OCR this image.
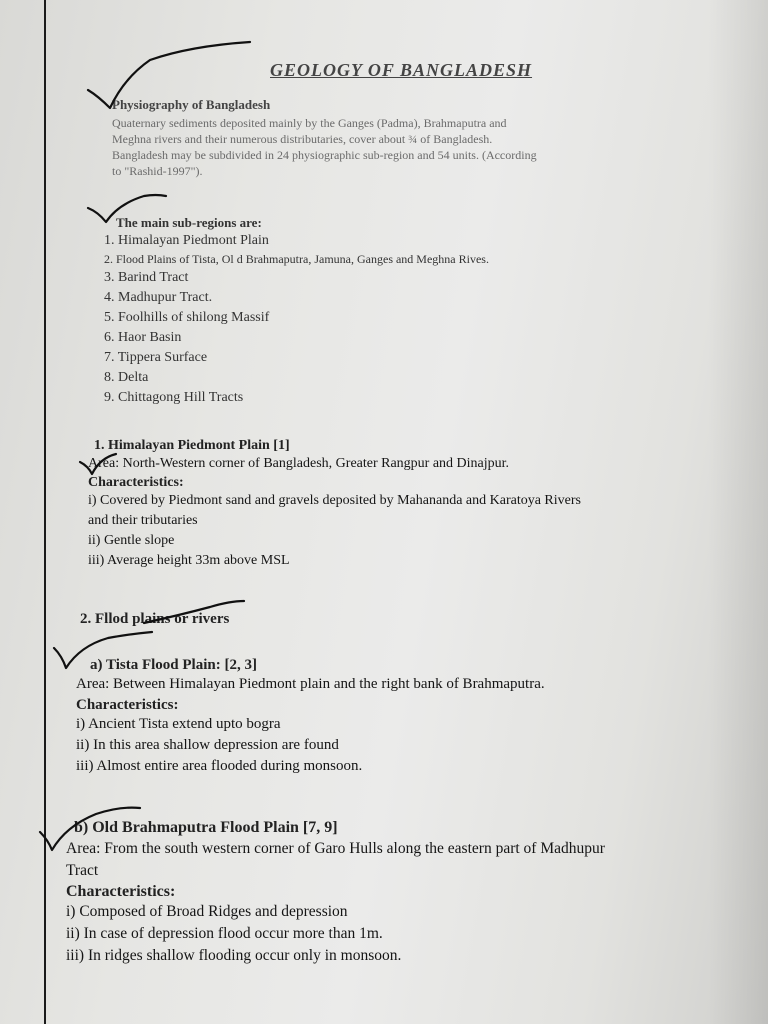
GEOLOGY OF BANGLADESH
Physiography of Bangladesh
Quaternary sediments deposited mainly by the Ganges (Padma), Brahmaputra and
Meghna rivers and their numerous distributaries, cover about ¾ of Bangladesh.
Bangladesh may be subdivided in 24 physiographic sub-region and 54 units. (According
to "Rashid-1997").
The main sub-regions are:
1. Himalayan Piedmont Plain
2. Flood Plains of Tista, Ol d Brahmaputra, Jamuna, Ganges and Meghna Rives.
3. Barind Tract
4. Madhupur Tract.
5. Foolhills of shilong Massif
6. Haor Basin
7. Tippera Surface
8. Delta
9. Chittagong Hill Tracts
1. Himalayan Piedmont Plain [1]
Area: North-Western corner of Bangladesh, Greater Rangpur and Dinajpur.
Characteristics:
i) Covered by Piedmont sand and gravels deposited by Mahananda and Karatoya Rivers
and their tributaries
ii) Gentle slope
iii) Average height 33m above MSL
2. Fllod plains or rivers
a) Tista Flood Plain: [2, 3]
Area: Between Himalayan Piedmont plain and the right bank of Brahmaputra.
Characteristics:
i) Ancient Tista extend upto bogra
ii) In this area shallow depression are found
iii) Almost entire area flooded during monsoon.
b) Old Brahmaputra Flood Plain [7, 9]
Area: From the south western corner of Garo Hulls along the eastern part of Madhupur
Tract
Characteristics:
i) Composed of Broad Ridges and depression
ii) In case of depression flood occur more than 1m.
iii) In ridges shallow flooding occur only in monsoon.
